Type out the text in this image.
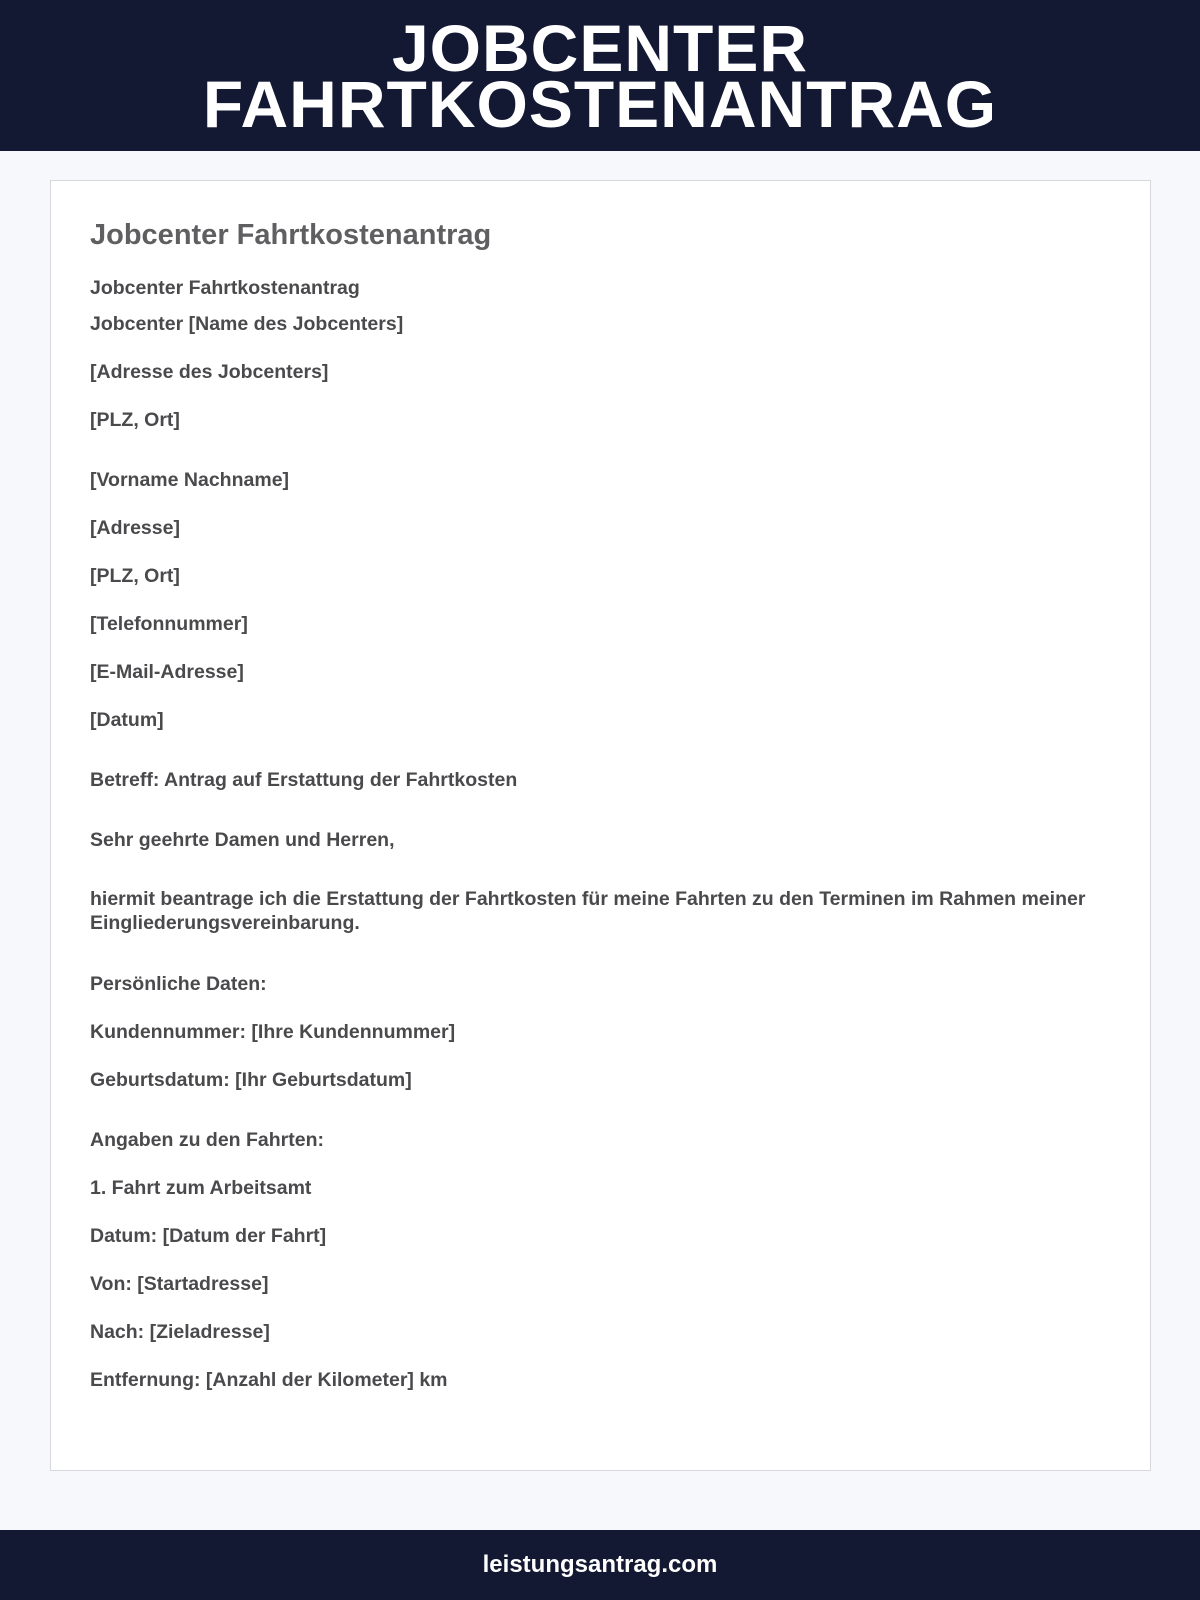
JOBCENTER
FAHRTKOSTENANTRAG
Jobcenter Fahrtkostenantrag
Jobcenter Fahrtkostenantrag
Jobcenter [Name des Jobcenters]
[Adresse des Jobcenters]
[PLZ, Ort]
[Vorname Nachname]
[Adresse]
[PLZ, Ort]
[Telefonnummer]
[E-Mail-Adresse]
[Datum]
Betreff: Antrag auf Erstattung der Fahrtkosten
Sehr geehrte Damen und Herren,
hiermit beantrage ich die Erstattung der Fahrtkosten für meine Fahrten zu den Terminen im Rahmen meiner Eingliederungsvereinbarung.
Persönliche Daten:
Kundennummer: [Ihre Kundennummer]
Geburtsdatum: [Ihr Geburtsdatum]
Angaben zu den Fahrten:
1. Fahrt zum Arbeitsamt
Datum: [Datum der Fahrt]
Von: [Startadresse]
Nach: [Zieladresse]
Entfernung: [Anzahl der Kilometer] km
leistungsantrag.com
